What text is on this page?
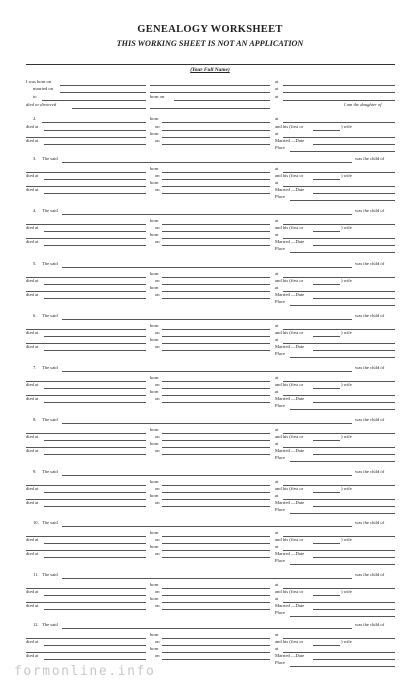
GENEALOGY WORKSHEET
THIS WORKING SHEET IS NOT AN APPLICATION
(Your Full Name)
I was born on	at
married on	at
to	born on	at
died or divorced	I am the daughter of
2.	born	at
died at	on	and his (first or	) wife
born	at
died at	on	Married —Date
Place
3. The said	was the child of
born	at
died at	on	and his (first or	) wife
born	at
died at	on	Married —Date
Place
4. The said	was the child of
born	at
died at	on	and his (first or	) wife
born	at
died at	on	Married —Date
Place
5. The said	was the child of
born	at
died at	on	and his (first or	) wife
born	at
died at	on	Married —Date
Place
6. The said	was the child of
born	at
died at	on	and his (first or	) wife
born	at
died at	on	Married —Date
Place
7. The said	was the child of
born	at
died at	on	and his (first or	) wife
born	at
died at	on	Married —Date
Place
8. The said	was the child of
born	at
died at	on	and his (first or	) wife
born	at
died at	on	Married —Date
Place
9. The said	was the child of
born	at
died at	on	and his (first or	) wife
born	at
died at	on	Married —Date
Place
10. The said	was the child of
born	at
died at	on	and his (first or	) wife
born	at
died at	on	Married —Date
Place
11. The said	was the child of
born	at
died at	on	and his (first or	) wife
born	at
died at	on	Married —Date
Place
12. The said	was the child of
born	at
died at	on	and his (first or	) wife
born	at
died at	on	Married —Date
Place
formonline.info
